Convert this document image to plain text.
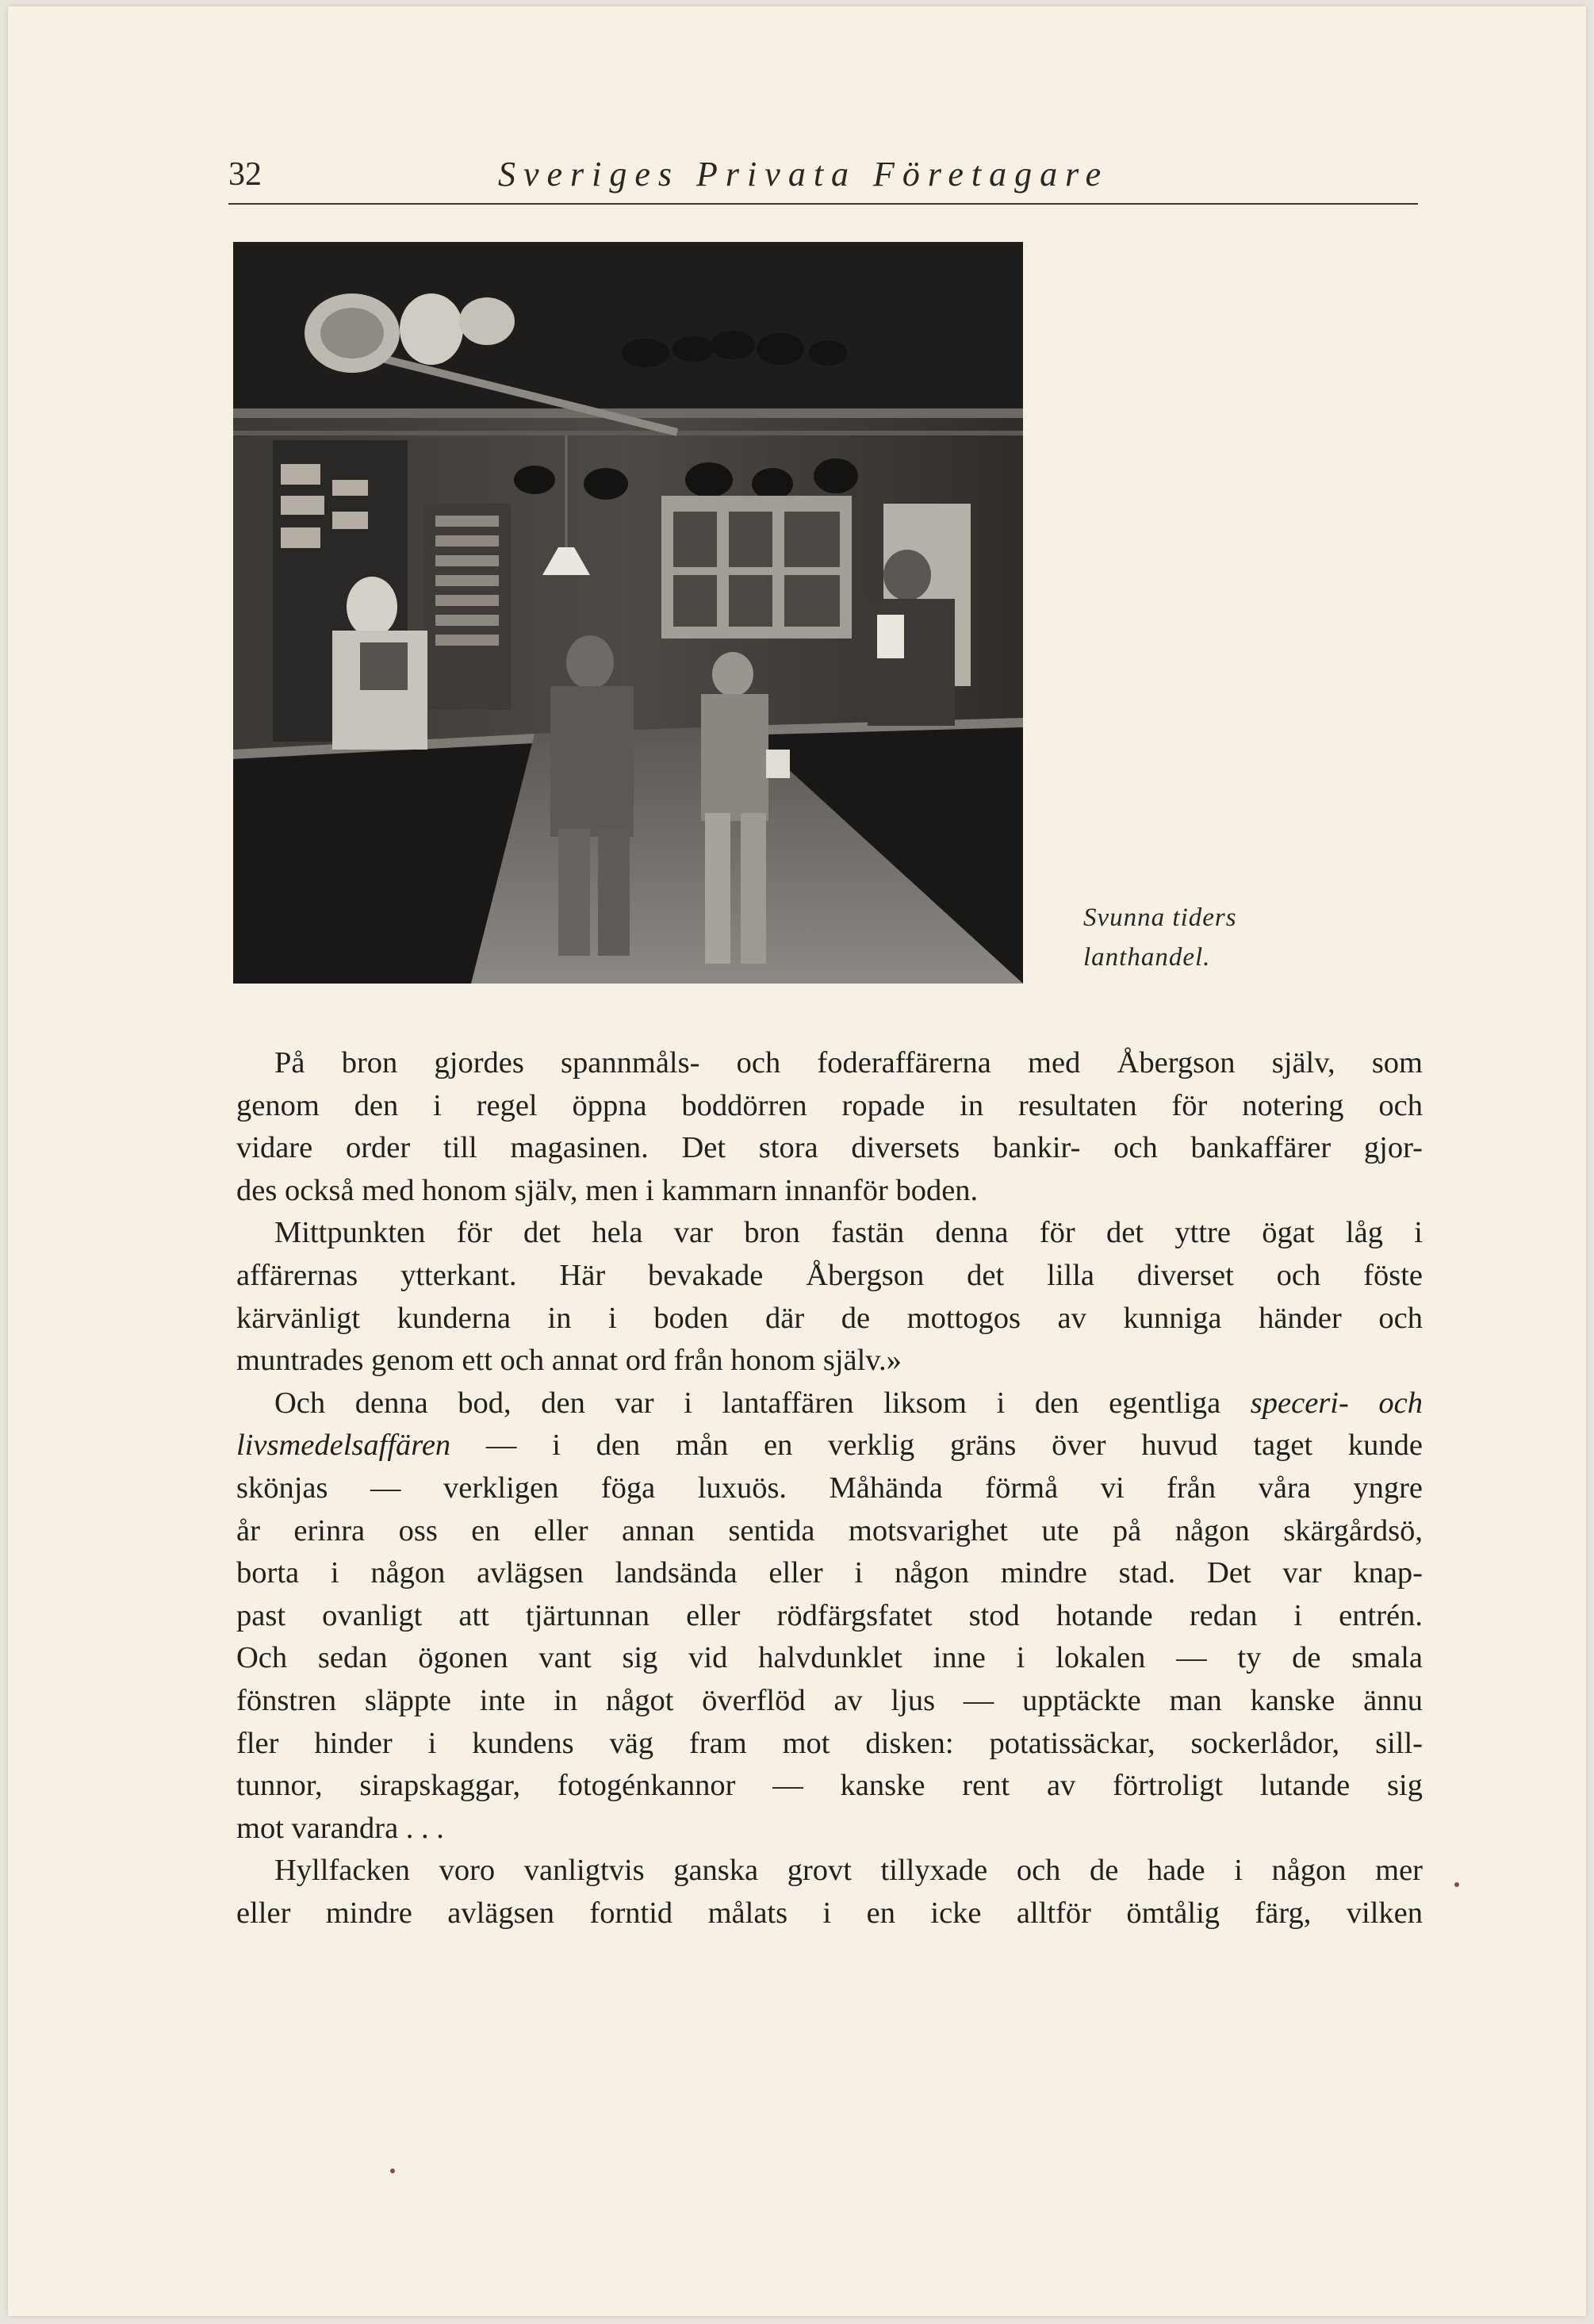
32	Sveriges Privata Företagare
Svunna tiders
lanthandel.
På bron gjordes spannmåls- och foderaffärerna med Åbergson själv, som
genom den i regel öppna boddörren ropade in resultaten för notering och
vidare order till magasinen. Det stora diversets bankir- och bankaffärer gjor-
des också med honom själv, men i kammarn innanför boden.
Mittpunkten för det hela var bron fastän denna för det yttre ögat låg i
affärernas ytterkant. Här bevakade Åbergson det lilla diverset och föste
kärvänligt kunderna in i boden där de mottogos av kunniga händer och
muntrades genom ett och annat ord från honom själv.»
Och denna bod, den var i lantaffären liksom i den egentliga speceri- och
livsmedelsaffären — i den mån en verklig gräns över huvud taget kunde
skönjas — verkligen föga luxuös. Måhända förmå vi från våra yngre
år erinra oss en eller annan sentida motsvarighet ute på någon skärgårdsö,
borta i någon avlägsen landsända eller i någon mindre stad. Det var knap-
past ovanligt att tjärtunnan eller rödfärgsfatet stod hotande redan i entrén.
Och sedan ögonen vant sig vid halvdunklet inne i lokalen — ty de smala
fönstren släppte inte in något överflöd av ljus — upptäckte man kanske ännu
fler hinder i kundens väg fram mot disken: potatissäckar, sockerlådor, sill-
tunnor, sirapskaggar, fotogénkannor — kanske rent av förtroligt lutande sig
mot varandra . . .
Hyllfacken voro vanligtvis ganska grovt tillyxade och de hade i någon mer
eller mindre avlägsen forntid målats i en icke alltför ömtålig färg, vilken
